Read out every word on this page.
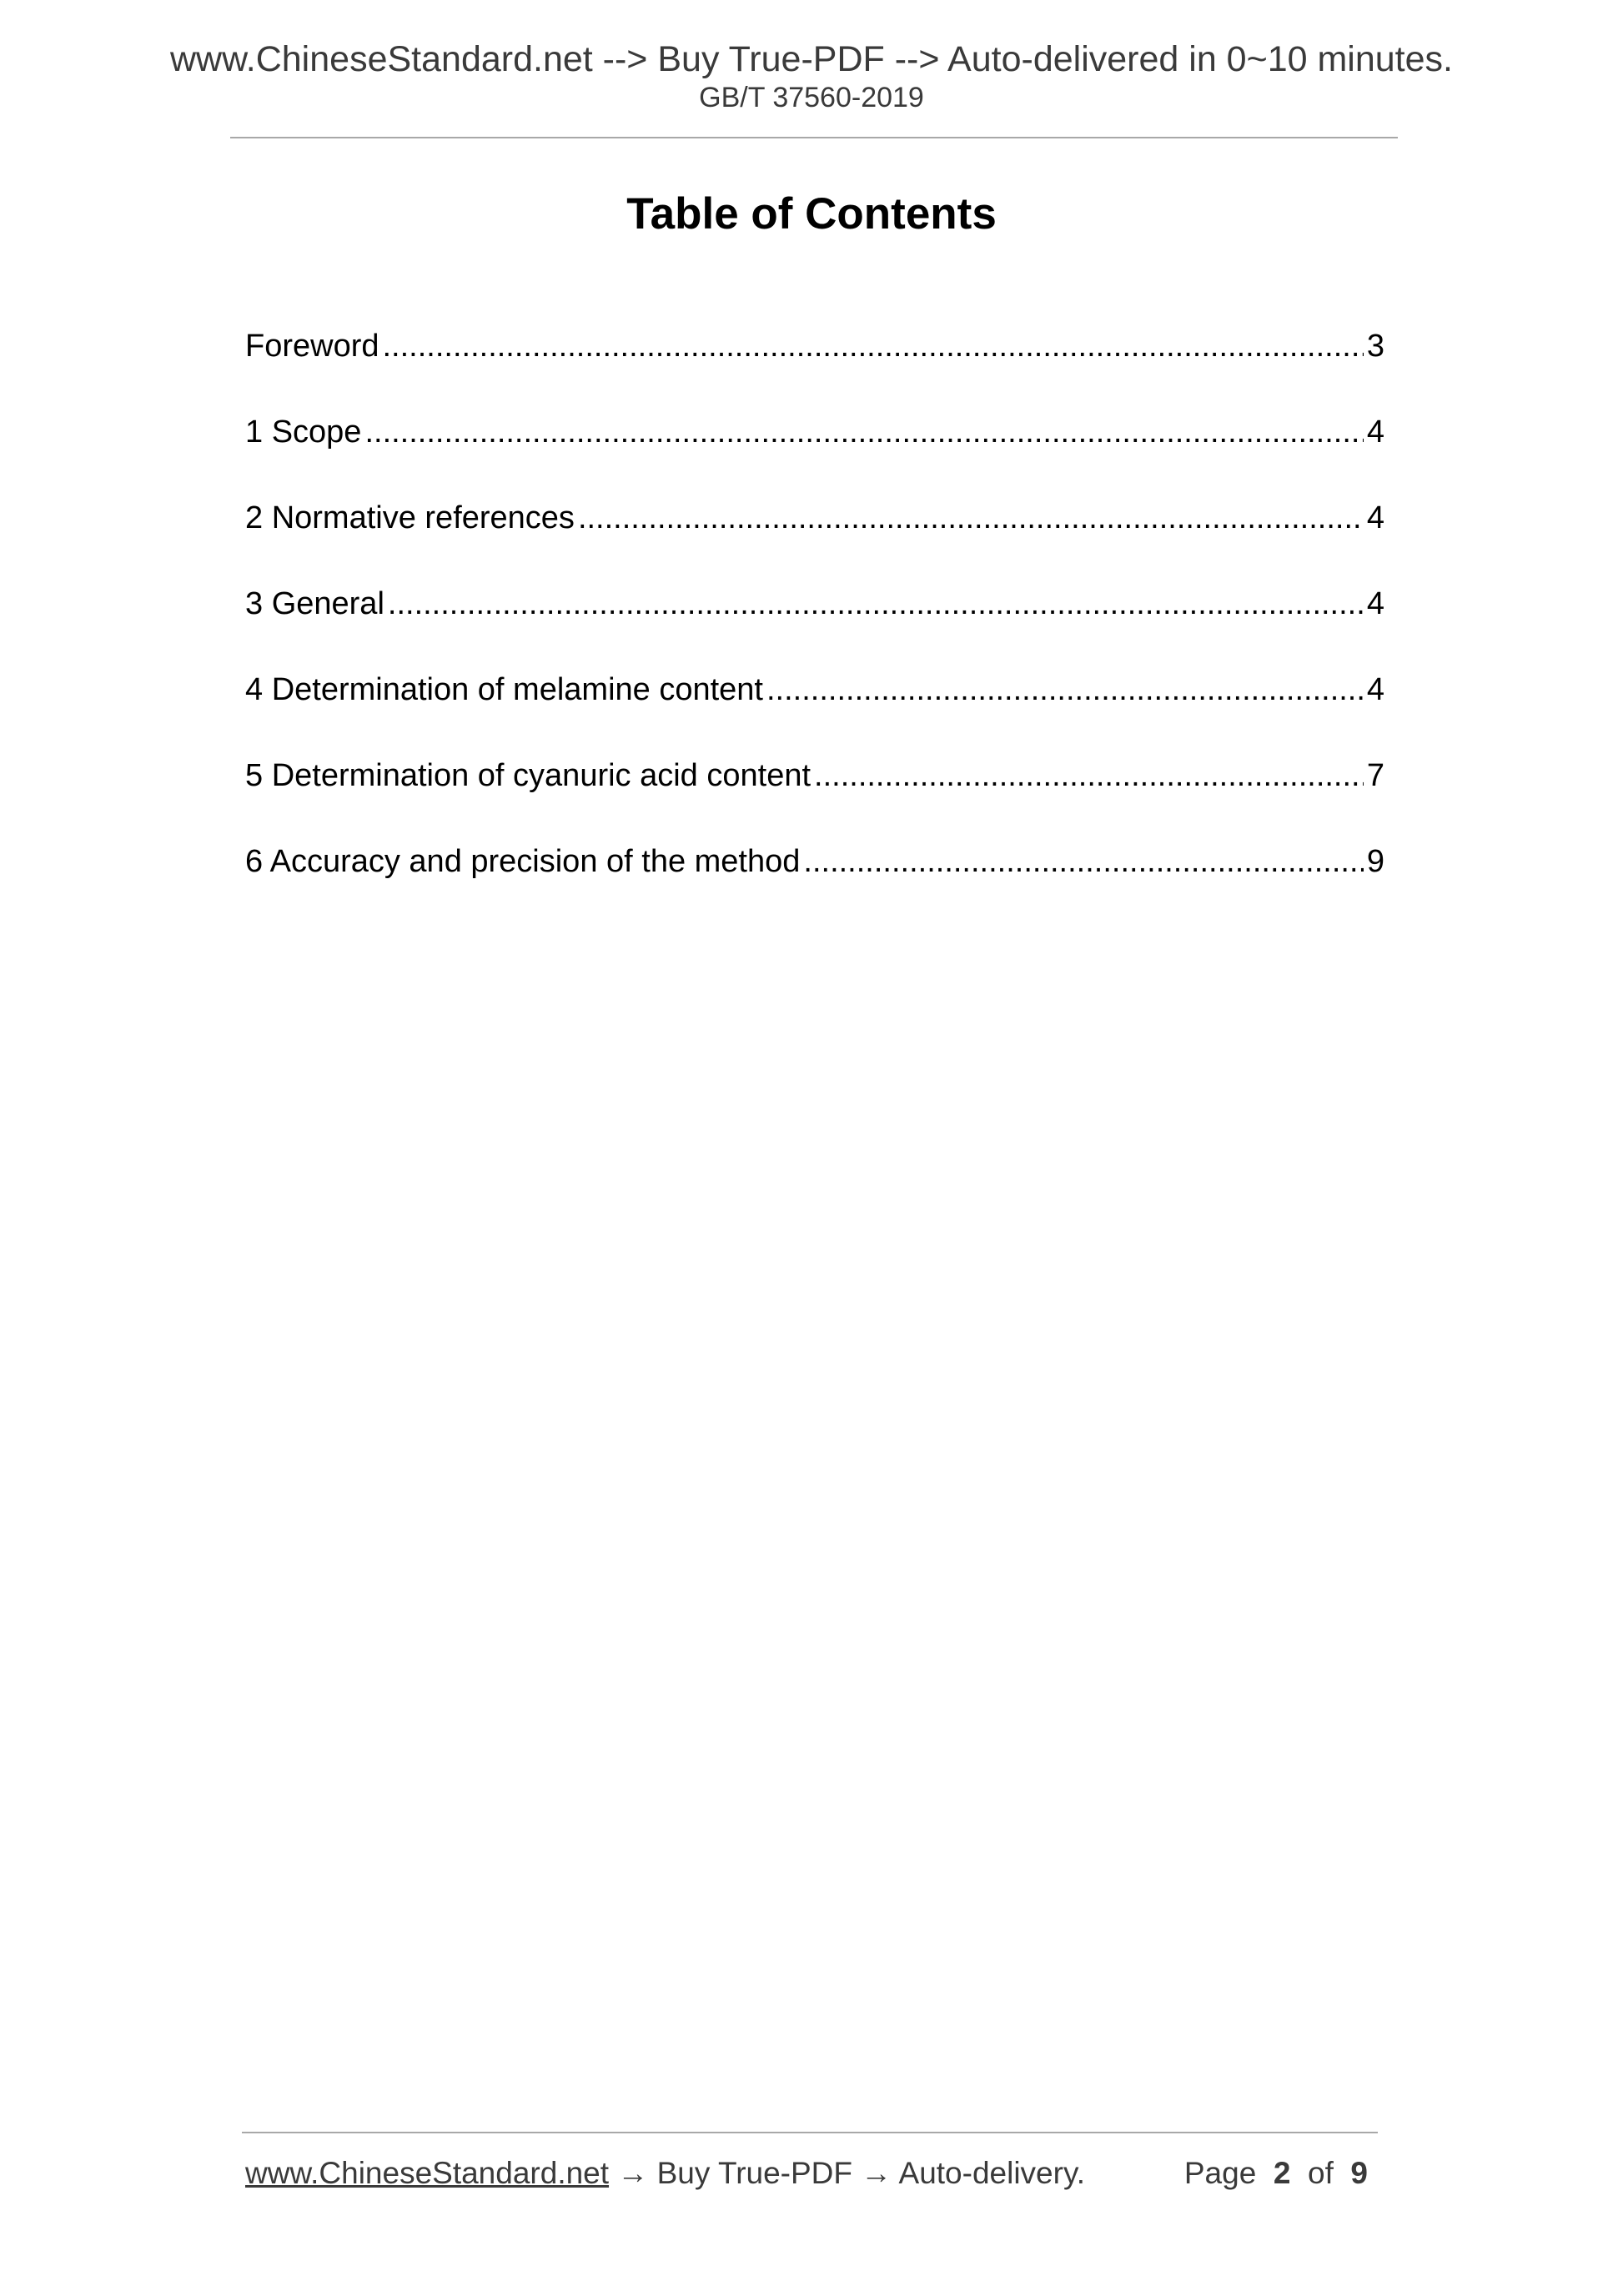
www.ChineseStandard.net --> Buy True-PDF --> Auto-delivered in 0~10 minutes.
GB/T 37560-2019
Table of Contents
Foreword .....	3
1 Scope .....	4
2 Normative references .....	4
3 General .....	4
4 Determination of melamine content .....	4
5 Determination of cyanuric acid content .....	7
6 Accuracy and precision of the method .....	9
www.ChineseStandard.net → Buy True-PDF → Auto-delivery.	Page 2 of 9
